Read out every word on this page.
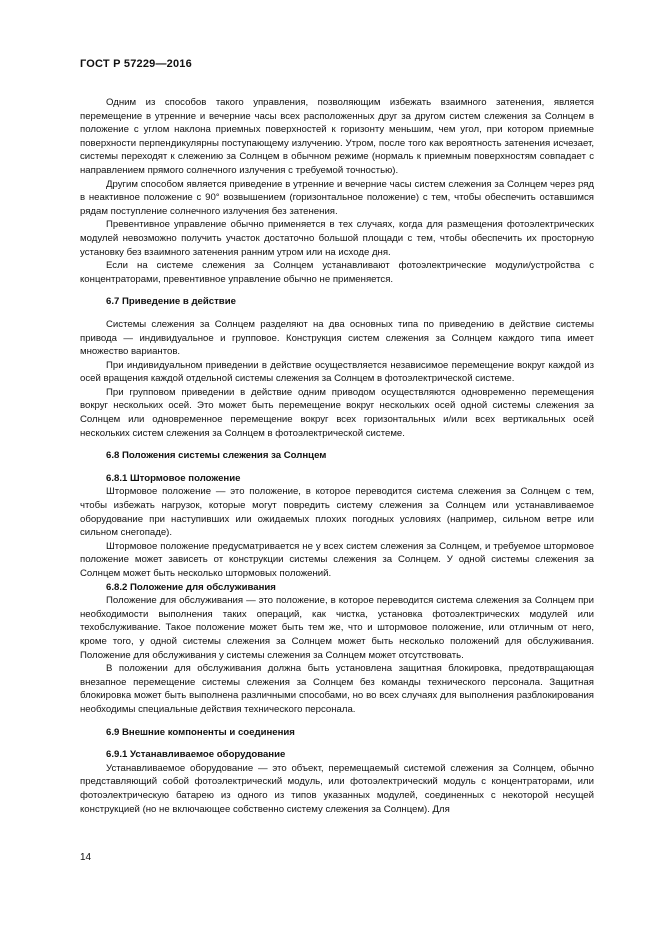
ГОСТ Р 57229—2016

Одним из способов такого управления, позволяющим избежать взаимного затенения, является перемещение в утренние и вечерние часы всех расположенных друг за другом систем слежения за Солнцем в положение с углом наклона приемных поверхностей к горизонту меньшим, чем угол, при котором приемные поверхности перпендикулярны поступающему излучению. Утром, после того как вероятность затенения исчезает, системы переходят к слежению за Солнцем в обычном режиме (нормаль к приемным поверхностям совпадает с направлением прямого солнечного излучения с требуемой точностью).

Другим способом является приведение в утренние и вечерние часы систем слежения за Солнцем через ряд в неактивное положение с 90° возвышением (горизонтальное положение) с тем, чтобы обеспечить оставшимся рядам поступление солнечного излучения без затенения.

Превентивное управление обычно применяется в тех случаях, когда для размещения фотоэлектрических модулей невозможно получить участок достаточно большой площади с тем, чтобы обеспечить их просторную установку без взаимного затенения ранним утром или на исходе дня.

Если на системе слежения за Солнцем устанавливают фотоэлектрические модули/устройства с концентраторами, превентивное управление обычно не применяется.

6.7 Приведение в действие

Системы слежения за Солнцем разделяют на два основных типа по приведению в действие системы привода — индивидуальное и групповое. Конструкция систем слежения за Солнцем каждого типа имеет множество вариантов.

При индивидуальном приведении в действие осуществляется независимое перемещение вокруг каждой из осей вращения каждой отдельной системы слежения за Солнцем в фотоэлектрической системе.

При групповом приведении в действие одним приводом осуществляются одновременно перемещения вокруг нескольких осей. Это может быть перемещение вокруг нескольких осей одной системы слежения за Солнцем или одновременное перемещение вокруг всех горизонтальных и/или всех вертикальных осей нескольких систем слежения за Солнцем в фотоэлектрической системе.

6.8 Положения системы слежения за Солнцем
6.8.1 Штормовое положение

Штормовое положение — это положение, в которое переводится система слежения за Солнцем с тем, чтобы избежать нагрузок, которые могут повредить систему слежения за Солнцем или устанавливаемое оборудование при наступивших или ожидаемых плохих погодных условиях (например, сильном ветре или сильном снегопаде).

Штормовое положение предусматривается не у всех систем слежения за Солнцем, и требуемое штормовое положение может зависеть от конструкции системы слежения за Солнцем. У одной системы слежения за Солнцем может быть несколько штормовых положений.

6.8.2 Положение для обслуживания

Положение для обслуживания — это положение, в которое переводится система слежения за Солнцем при необходимости выполнения таких операций, как чистка, установка фотоэлектрических модулей или техобслуживание. Такое положение может быть тем же, что и штормовое положение, или отличным от него, кроме того, у одной системы слежения за Солнцем может быть несколько положений для обслуживания. Положение для обслуживания у системы слежения за Солнцем может отсутствовать.

В положении для обслуживания должна быть установлена защитная блокировка, предотвращающая внезапное перемещение системы слежения за Солнцем без команды технического персонала. Защитная блокировка может быть выполнена различными способами, но во всех случаях для выполнения разблокирования необходимы специальные действия технического персонала.

6.9 Внешние компоненты и соединения
6.9.1 Устанавливаемое оборудование

Устанавливаемое оборудование — это объект, перемещаемый системой слежения за Солнцем, обычно представляющий собой фотоэлектрический модуль, или фотоэлектрический модуль с концентраторами, или фотоэлектрическую батарею из одного из типов указанных модулей, соединенных с некоторой несущей конструкцией (но не включающее собственно систему слежения за Солнцем). Для

14
